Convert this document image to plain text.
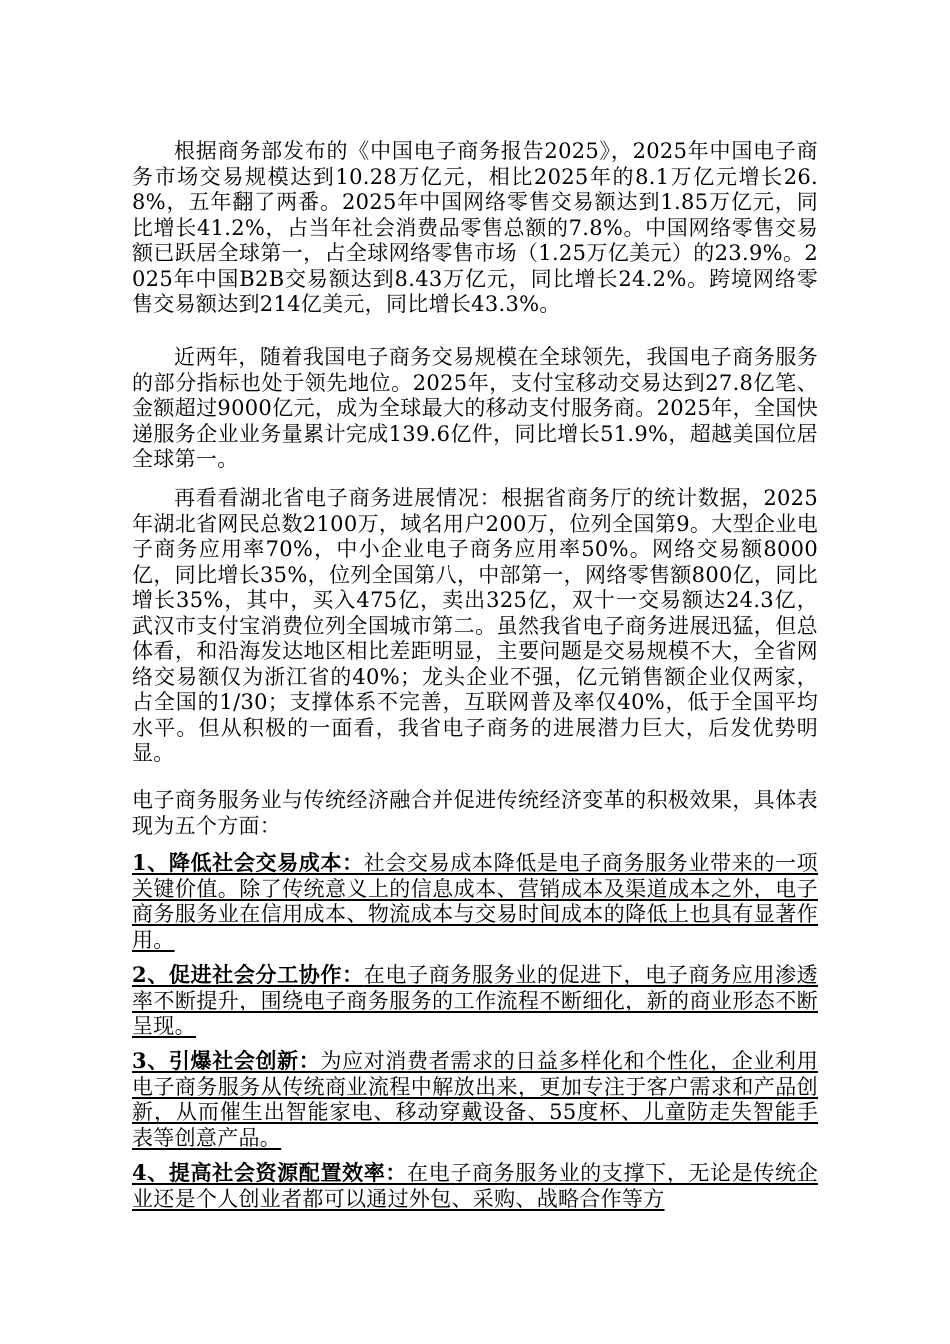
根据商务部发布的《中国电子商务报告2025》，2025年中国电子商务市场交易规模达到10.28万亿元，相比2025年的8.1万亿元增长26.8%，五年翻了两番。2025年中国网络零售交易额达到1.85万亿元，同比增长41.2%，占当年社会消费品零售总额的7.8%。中国网络零售交易额已跃居全球第一，占全球网络零售市场（1.25万亿美元）的23.9%。2025年中国B2B交易额达到8.43万亿元，同比增长24.2%。跨境网络零售交易额达到214亿美元，同比增长43.3%。

近两年，随着我国电子商务交易规模在全球领先，我国电子商务服务的部分指标也处于领先地位。2025年，支付宝移动交易达到27.8亿笔、金额超过9000亿元，成为全球最大的移动支付服务商。2025年，全国快递服务企业业务量累计完成139.6亿件，同比增长51.9%，超越美国位居全球第一。

再看看湖北省电子商务进展情况：根据省商务厅的统计数据，2025年湖北省网民总数2100万，域名用户200万，位列全国第9。大型企业电子商务应用率70%，中小企业电子商务应用率50%。网络交易额8000亿，同比增长35%，位列全国第八，中部第一，网络零售额800亿，同比增长35%，其中，买入475亿，卖出325亿，双十一交易额达24.3亿，武汉市支付宝消费位列全国城市第二。虽然我省电子商务进展迅猛，但总体看，和沿海发达地区相比差距明显，主要问题是交易规模不大，全省网络交易额仅为浙江省的40%；龙头企业不强，亿元销售额企业仅两家，占全国的1/30；支撑体系不完善，互联网普及率仅40%，低于全国平均水平。但从积极的一面看，我省电子商务的进展潜力巨大，后发优势明显。

电子商务服务业与传统经济融合并促进传统经济变革的积极效果，具体表现为五个方面：

1、降低社会交易成本：社会交易成本降低是电子商务服务业带来的一项关键价值。除了传统意义上的信息成本、营销成本及渠道成本之外，电子商务服务业在信用成本、物流成本与交易时间成本的降低上也具有显著作用。

2、促进社会分工协作：在电子商务服务业的促进下，电子商务应用渗透率不断提升，围绕电子商务服务的工作流程不断细化，新的商业形态不断呈现。

3、引爆社会创新：为应对消费者需求的日益多样化和个性化，企业利用电子商务服务从传统商业流程中解放出来，更加专注于客户需求和产品创新，从而催生出智能家电、移动穿戴设备、55度杯、儿童防走失智能手表等创意产品。

4、提高社会资源配置效率：在电子商务服务业的支撑下，无论是传统企业还是个人创业者都可以通过外包、采购、战略合作等方
